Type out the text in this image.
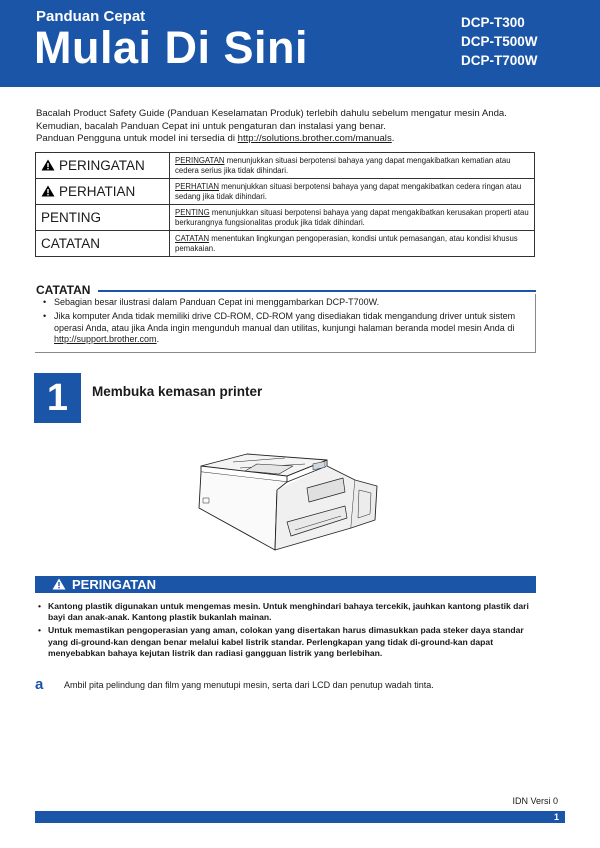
Panduan Cepat
Mulai Di Sini	DCP-T300
DCP-T500W
DCP-T700W
Bacalah Product Safety Guide (Panduan Keselamatan Produk) terlebih dahulu sebelum mengatur mesin Anda.
Kemudian, bacalah Panduan Cepat ini untuk pengaturan dan instalasi yang benar.
Panduan Pengguna untuk model ini tersedia di http://solutions.brother.com/manuals.
PERINGATAN	PERINGATAN menunjukkan situasi berpotensi bahaya yang dapat mengakibatkan kematian atau cedera serius jika tidak dihindari.
PERHATIAN	PERHATIAN menunjukkan situasi berpotensi bahaya yang dapat mengakibatkan cedera ringan atau sedang jika tidak dihindari.
PENTING	PENTING menunjukkan situasi berpotensi bahaya yang dapat mengakibatkan kerusakan properti atau berkurangnya fungsionalitas produk jika tidak dihindari.
CATATAN	CATATAN menentukan lingkungan pengoperasian, kondisi untuk pemasangan, atau kondisi khusus pemakaian.
CATATAN
• Sebagian besar ilustrasi dalam Panduan Cepat ini menggambarkan DCP-T700W.
• Jika komputer Anda tidak memiliki drive CD-ROM, CD-ROM yang disediakan tidak mengandung driver untuk sistem operasi Anda, atau jika Anda ingin mengunduh manual dan utilitas, kunjungi halaman beranda model mesin Anda di http://support.brother.com.
1	Membuka kemasan printer
PERINGATAN
• Kantong plastik digunakan untuk mengemas mesin. Untuk menghindari bahaya tercekik, jauhkan kantong plastik dari bayi dan anak-anak. Kantong plastik bukanlah mainan.
• Untuk memastikan pengoperasian yang aman, colokan yang disertakan harus dimasukkan pada steker daya standar yang di-ground-kan dengan benar melalui kabel listrik standar. Perlengkapan yang tidak di-ground-kan dapat menyebabkan bahaya kejutan listrik dan radiasi gangguan listrik yang berlebihan.
a Ambil pita pelindung dan film yang menutupi mesin, serta dari LCD dan penutup wadah tinta.
IDN Versi 0
1
